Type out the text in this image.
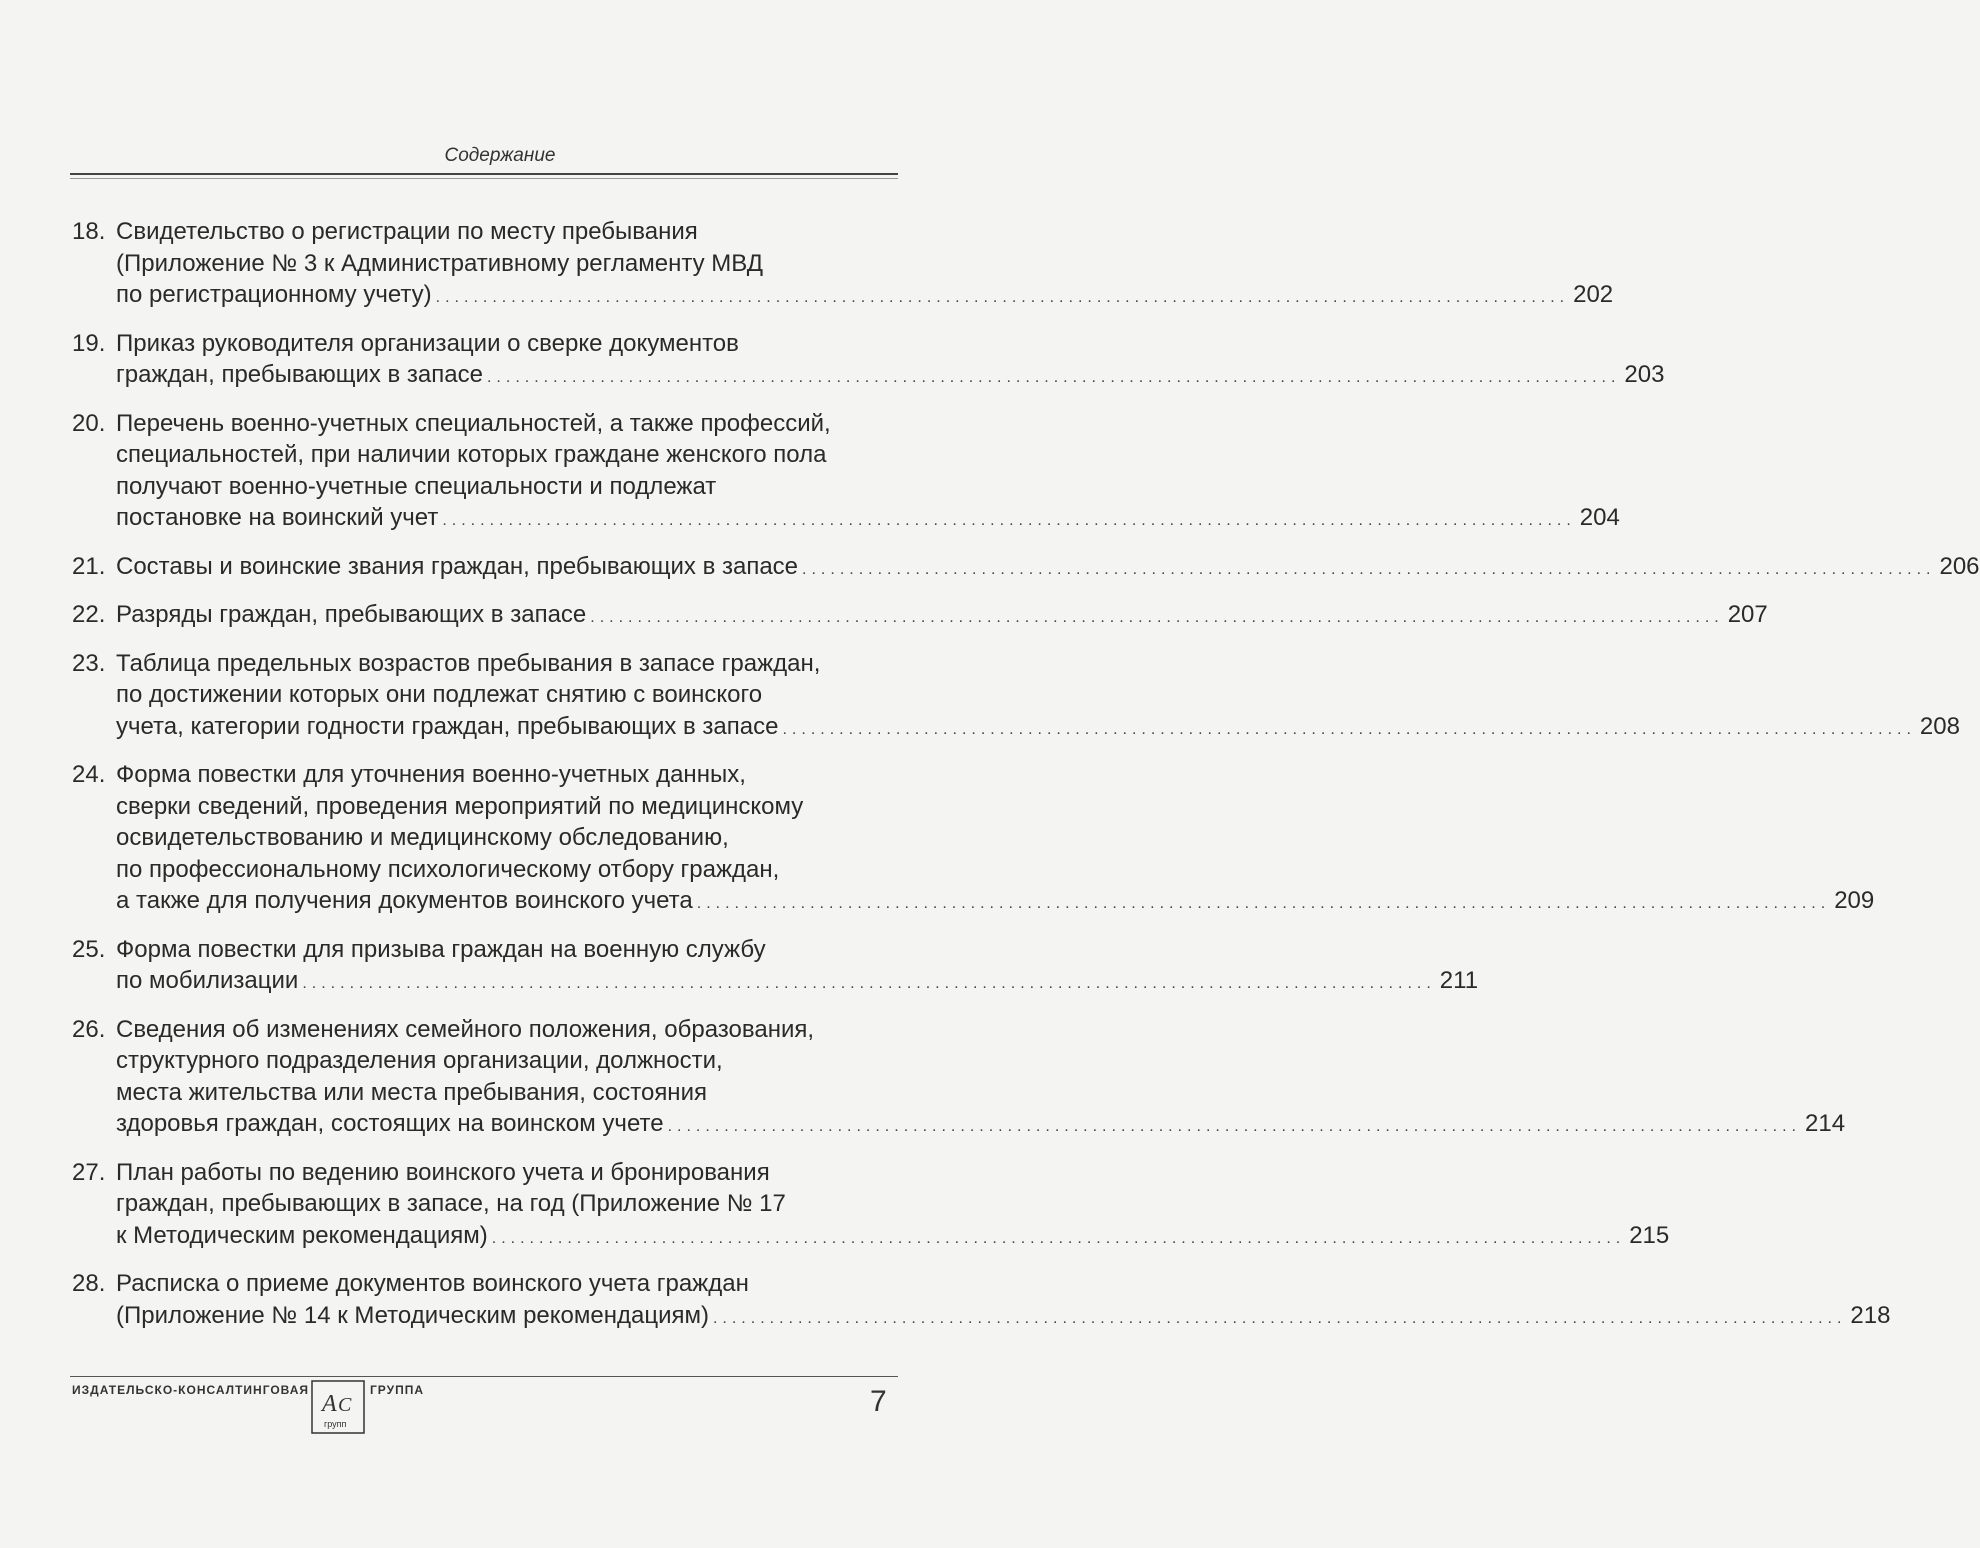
Содержание
18. Свидетельство о регистрации по месту пребывания
(Приложение № 3 к Административному регламенту МВД
по регистрационному учету) ........................................................................................................................ 202
19. Приказ руководителя организации о сверке документов
граждан, пребывающих в запасе ........................................................................................................................ 203
20. Перечень военно-учетных специальностей, а также профессий,
специальностей, при наличии которых граждане женского пола
получают военно-учетные специальности и подлежат
постановке на воинский учет ........................................................................................................................ 204
21. Составы и воинские звания граждан, пребывающих в запасе ........................................................................................................................ 206
22. Разряды граждан, пребывающих в запасе ........................................................................................................................ 207
23. Таблица предельных возрастов пребывания в запасе граждан,
по достижении которых они подлежат снятию с воинского
учета, категории годности граждан, пребывающих в запасе ........................................................................................................................ 208
24. Форма повестки для уточнения военно-учетных данных,
сверки сведений, проведения мероприятий по медицинскому
освидетельствованию и медицинскому обследованию,
по профессиональному психологическому отбору граждан,
а также для получения документов воинского учета ........................................................................................................................ 209
25. Форма повестки для призыва граждан на военную службу
по мобилизации ........................................................................................................................ 211
26. Сведения об изменениях семейного положения, образования,
структурного подразделения организации, должности,
места жительства или места пребывания, состояния
здоровья граждан, состоящих на воинском учете ........................................................................................................................ 214
27. План работы по ведению воинского учета и бронирования
граждан, пребывающих в запасе, на год (Приложение № 17
к Методическим рекомендациям) ........................................................................................................................ 215
28. Расписка о приеме документов воинского учета граждан
(Приложение № 14 к Методическим рекомендациям) ........................................................................................................................ 218
ИЗДАТЕЛЬСКО-КОНСАЛТИНГОВАЯ
A C
групп
ГРУППА	7
